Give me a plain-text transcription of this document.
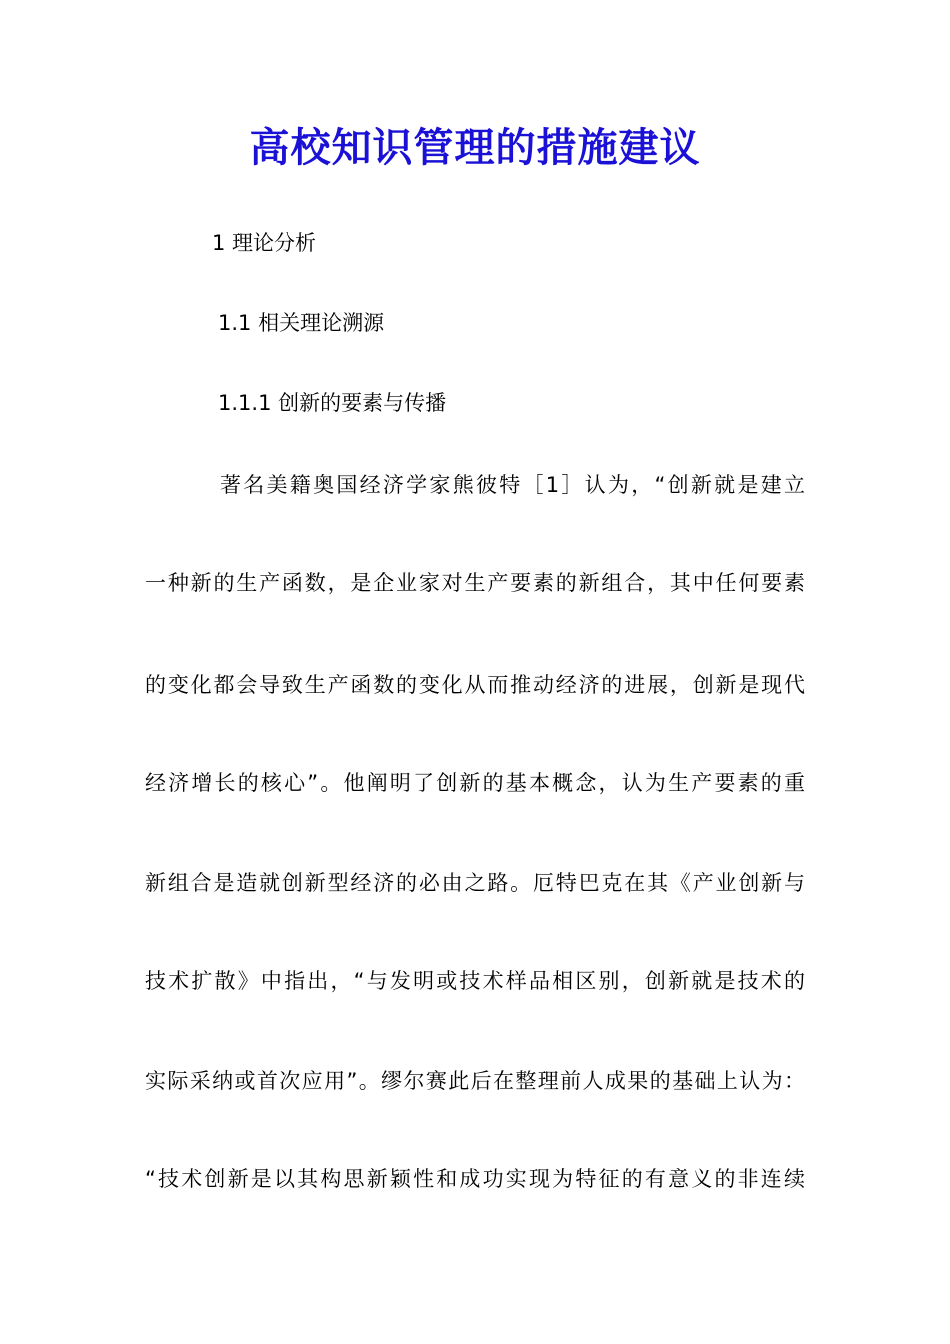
高校知识管理的措施建议
1 理论分析
1.1 相关理论溯源
1.1.1 创新的要素与传播
著名美籍奥国经济学家熊彼特［1］认为，“创新就是建立
一种新的生产函数，是企业家对生产要素的新组合，其中任何要素
的变化都会导致生产函数的变化从而推动经济的进展，创新是现代
经济增长的核心”。他阐明了创新的基本概念，认为生产要素的重
新组合是造就创新型经济的必由之路。厄特巴克在其《产业创新与
技术扩散》中指出，“与发明或技术样品相区别，创新就是技术的
实际采纳或首次应用”。缪尔赛此后在整理前人成果的基础上认为：
“技术创新是以其构思新颖性和成功实现为特征的有意义的非连续
